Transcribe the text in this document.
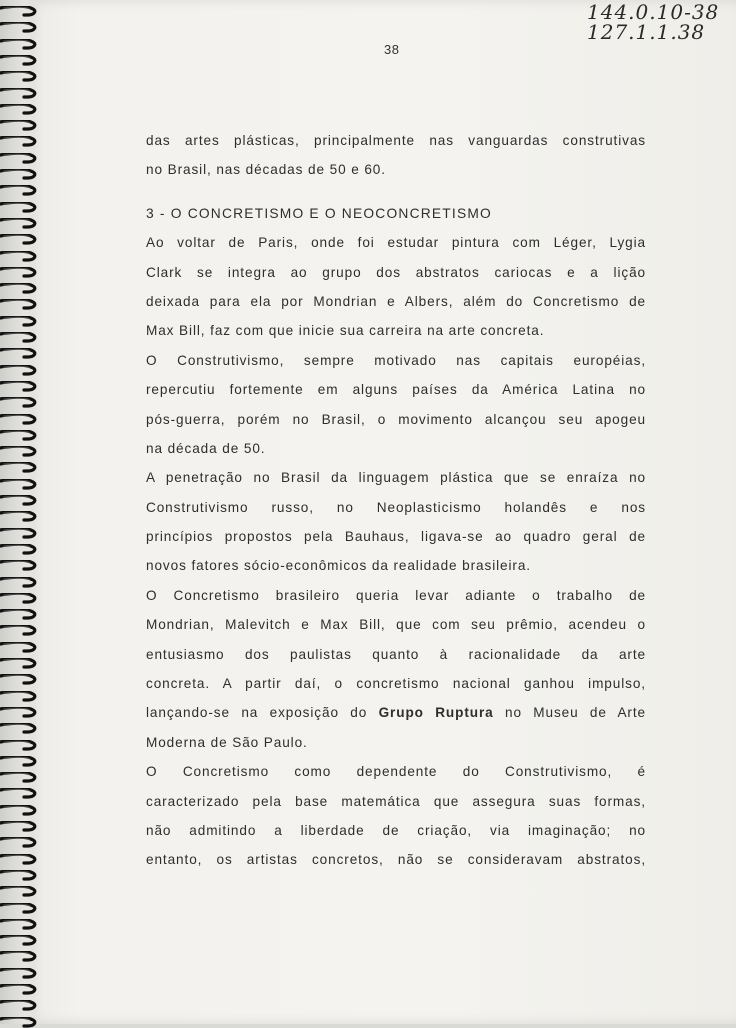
38
144.0.10-38
127.1.1.38
das artes plásticas, principalmente nas vanguardas construtivas
no Brasil, nas décadas de 50 e 60.
3 - O CONCRETISMO E O NEOCONCRETISMO
Ao voltar de Paris, onde foi estudar pintura com Léger, Lygia
Clark se integra ao grupo dos abstratos cariocas e a lição
deixada para ela por Mondrian e Albers, além do Concretismo de
Max Bill, faz com que inicie sua carreira na arte concreta.
O Construtivismo, sempre motivado nas capitais européias,
repercutiu fortemente em alguns países da América Latina no
pós-guerra, porém no Brasil, o movimento alcançou seu apogeu
na década de 50.
A penetração no Brasil da linguagem plástica que se enraíza no
Construtivismo russo, no Neoplasticismo holandês e nos
princípios propostos pela Bauhaus, ligava-se ao quadro geral de
novos fatores sócio-econômicos da realidade brasileira.
O Concretismo brasileiro queria levar adiante o trabalho de
Mondrian, Malevitch e Max Bill, que com seu prêmio, acendeu o
entusiasmo dos paulistas quanto à racionalidade da arte
concreta. A partir daí, o concretismo nacional ganhou impulso,
lançando-se na exposição do Grupo Ruptura no Museu de Arte
Moderna de São Paulo.
O Concretismo como dependente do Construtivismo, é
caracterizado pela base matemática que assegura suas formas,
não admitindo a liberdade de criação, via imaginação; no
entanto, os artistas concretos, não se consideravam abstratos,
